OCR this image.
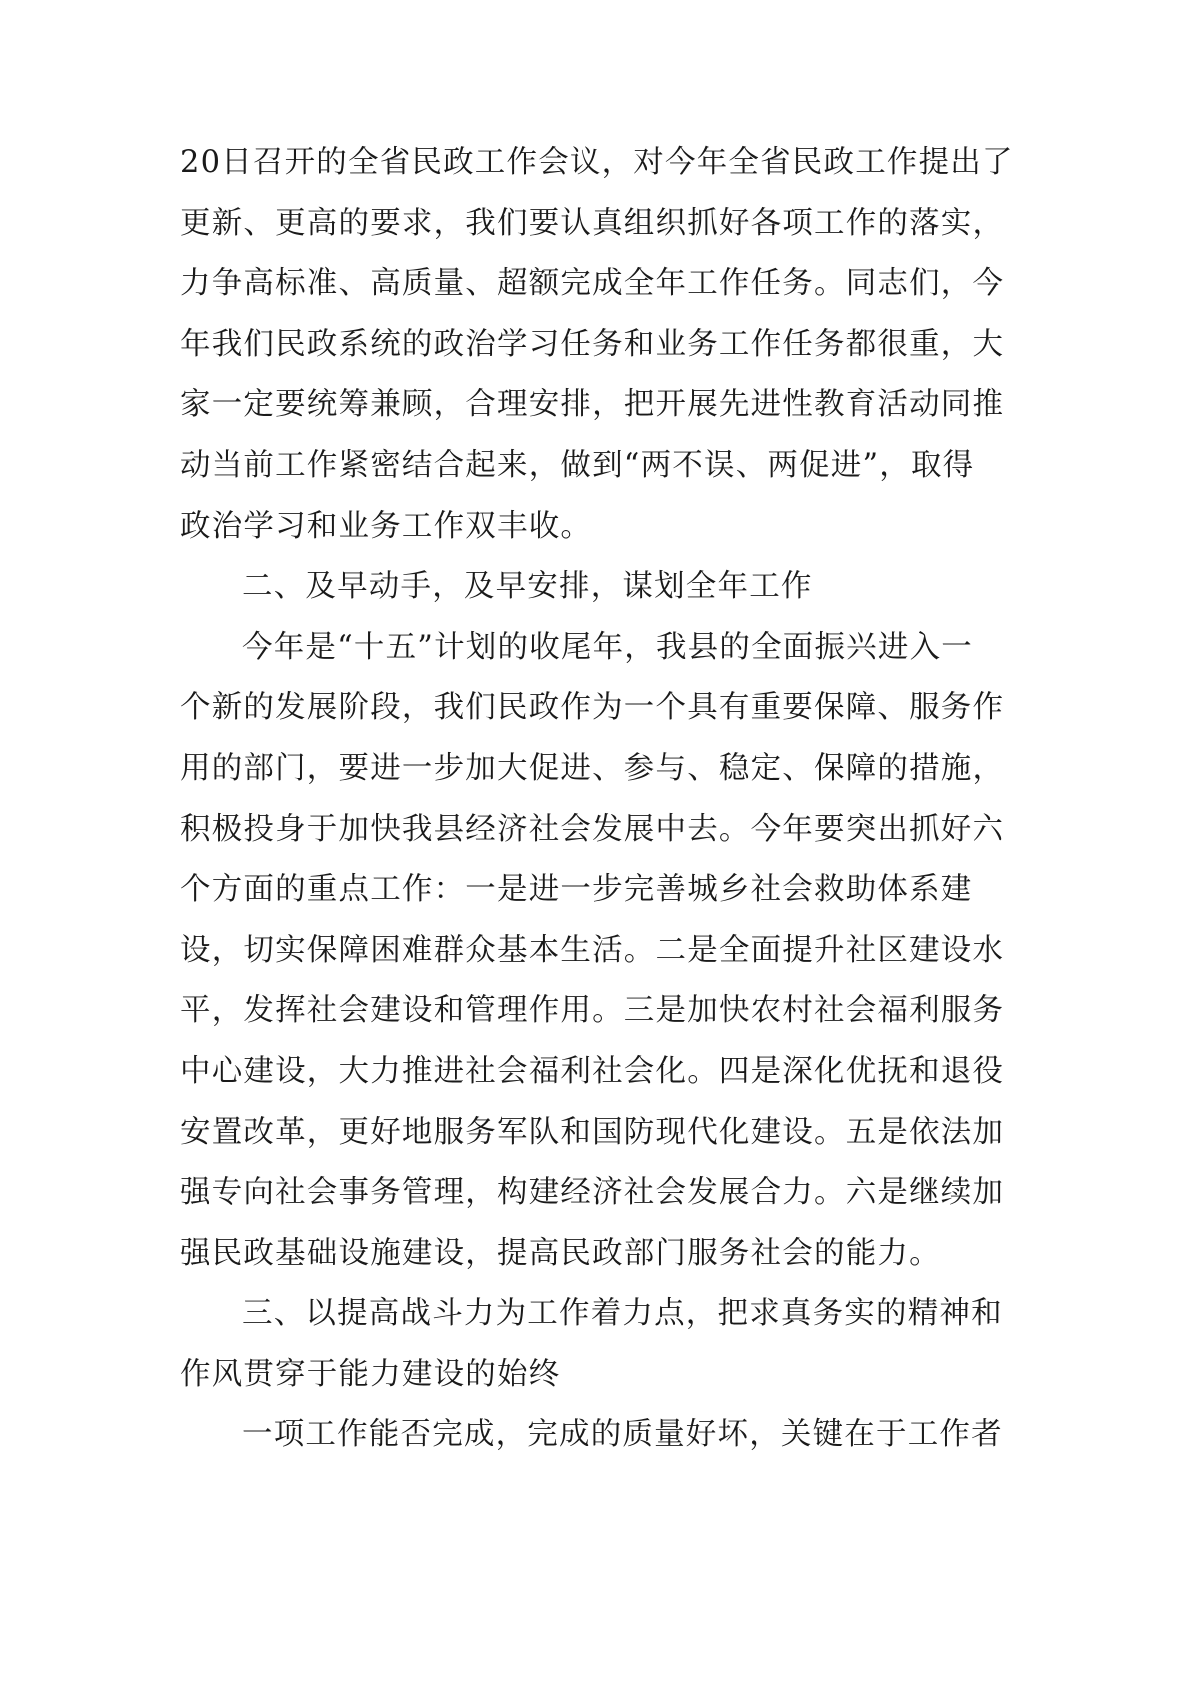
20日召开的全省民政工作会议，对今年全省民政工作提出了
更新、更高的要求，我们要认真组织抓好各项工作的落实，
力争高标准、高质量、超额完成全年工作任务。同志们，今
年我们民政系统的政治学习任务和业务工作任务都很重，大
家一定要统筹兼顾，合理安排，把开展先进性教育活动同推
动当前工作紧密结合起来，做到“两不误、两促进”，取得
政治学习和业务工作双丰收。
二、及早动手，及早安排，谋划全年工作
今年是“十五”计划的收尾年，我县的全面振兴进入一
个新的发展阶段，我们民政作为一个具有重要保障、服务作
用的部门，要进一步加大促进、参与、稳定、保障的措施，
积极投身于加快我县经济社会发展中去。今年要突出抓好六
个方面的重点工作：一是进一步完善城乡社会救助体系建
设，切实保障困难群众基本生活。二是全面提升社区建设水
平，发挥社会建设和管理作用。三是加快农村社会福利服务
中心建设，大力推进社会福利社会化。四是深化优抚和退役
安置改革，更好地服务军队和国防现代化建设。五是依法加
强专向社会事务管理，构建经济社会发展合力。六是继续加
强民政基础设施建设，提高民政部门服务社会的能力。
三、以提高战斗力为工作着力点，把求真务实的精神和
作风贯穿于能力建设的始终
一项工作能否完成，完成的质量好坏，关键在于工作者
